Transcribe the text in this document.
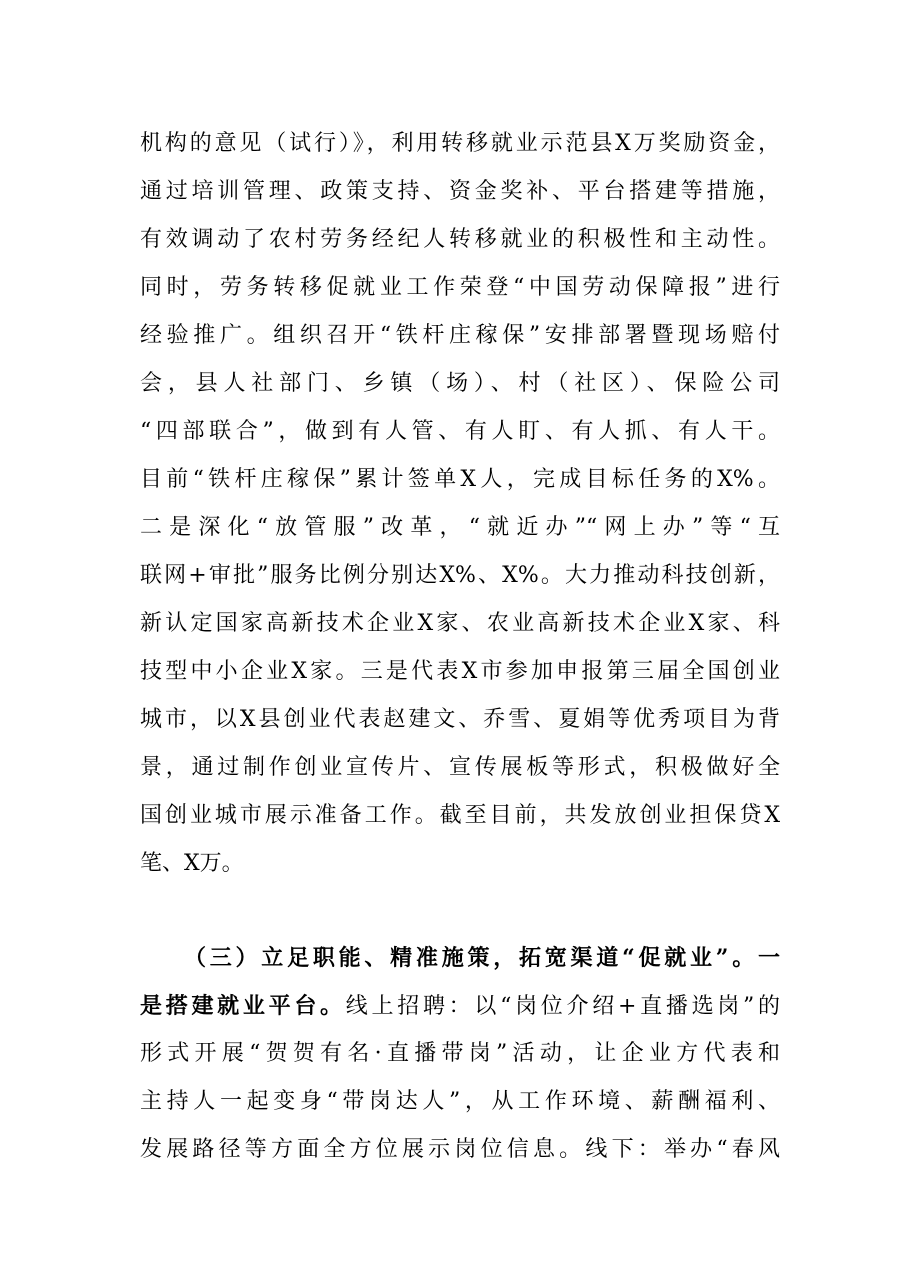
机构的意见（试行）》，利用转移就业示范县X万奖励资金，
通过培训管理、政策支持、资金奖补、平台搭建等措施，
有效调动了农村劳务经纪人转移就业的积极性和主动性。
同时，劳务转移促就业工作荣登“中国劳动保障报”进行
经验推广。组织召开“铁杆庄稼保”安排部署暨现场赔付
会，县人社部门、乡镇（场）、村（社区）、保险公司
“四部联合”，做到有人管、有人盯、有人抓、有人干。
目前“铁杆庄稼保”累计签单X人，完成目标任务的X%。
二是深化“放管服”改革，“就近办”“网上办”等“互
联网+审批”服务比例分别达X%、X%。大力推动科技创新，
新认定国家高新技术企业X家、农业高新技术企业X家、科
技型中小企业X家。三是代表X市参加申报第三届全国创业
城市，以X县创业代表赵建文、乔雪、夏娟等优秀项目为背
景，通过制作创业宣传片、宣传展板等形式，积极做好全
国创业城市展示准备工作。截至目前，共发放创业担保贷X
笔、X万。
（三）立足职能、精准施策，拓宽渠道“促就业”。一
是搭建就业平台。线上招聘：以“岗位介绍+直播选岗”的
形式开展“贺贺有名·直播带岗”活动，让企业方代表和
主持人一起变身“带岗达人”，从工作环境、薪酬福利、
发展路径等方面全方位展示岗位信息。线下：举办“春风
